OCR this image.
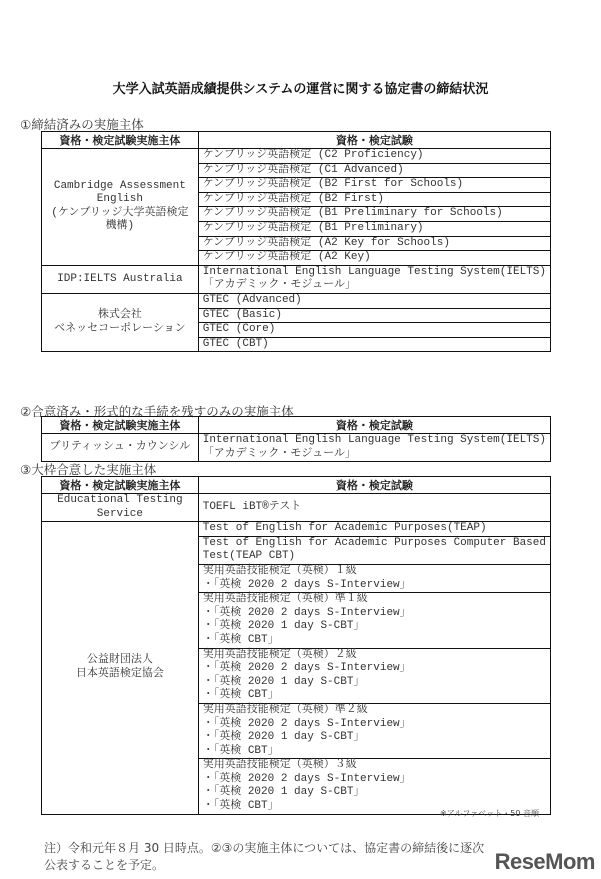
大学入試英語成績提供システムの運営に関する協定書の締結状況
①締結済みの実施主体
資格・検定試験実施主体	資格・検定試験

Cambridge Assessment English
(ケンブリッジ大学英語検定機構)	ケンブリッジ英語検定 (C2 Proficiency)

	ケンブリッジ英語検定 (C1 Advanced)

	ケンブリッジ英語検定 (B2 First for Schools)

	ケンブリッジ英語検定 (B2 First)

	ケンブリッジ英語検定 (B1 Preliminary for Schools)

	ケンブリッジ英語検定 (B1 Preliminary)

	ケンブリッジ英語検定 (A2 Key for Schools)

	ケンブリッジ英語検定 (A2 Key)

IDP:IELTS Australia	International English Language Testing System(IELTS)
「アカデミック・モジュール」

株式会社
ベネッセコーポレーション	GTEC (Advanced)

	GTEC (Basic)

	GTEC (Core)

	GTEC (CBT)
②合意済み・形式的な手続を残すのみの実施主体
資格・検定試験実施主体	資格・検定試験

ブリティッシュ・カウンシル	International English Language Testing System(IELTS)
「アカデミック・モジュール」
③大枠合意した実施主体
資格・検定試験実施主体	資格・検定試験

Educational Testing Service	TOEFL iBT®テスト

公益財団法人
日本英語検定協会	Test of English for Academic Purposes(TEAP)

	Test of English for Academic Purposes Computer Based
Test(TEAP CBT)

	実用英語技能検定（英検）１級
・「英検 2020 2 days S-Interview」

	実用英語技能検定（英検）準１級
・「英検 2020 2 days S-Interview」
・「英検 2020 1 day S-CBT」
・「英検 CBT」

	実用英語技能検定（英検）２級
・「英検 2020 2 days S-Interview」
・「英検 2020 1 day S-CBT」
・「英検 CBT」

	実用英語技能検定（英検）準２級
・「英検 2020 2 days S-Interview」
・「英検 2020 1 day S-CBT」
・「英検 CBT」

	実用英語技能検定（英検）３級
・「英検 2020 2 days S-Interview」
・「英検 2020 1 day S-CBT」
・「英検 CBT」
※アルファベット・50 音順
注）令和元年８月 30 日時点。②③の実施主体については、協定書の締結後に逐次
公表することを予定。	ReseMom
